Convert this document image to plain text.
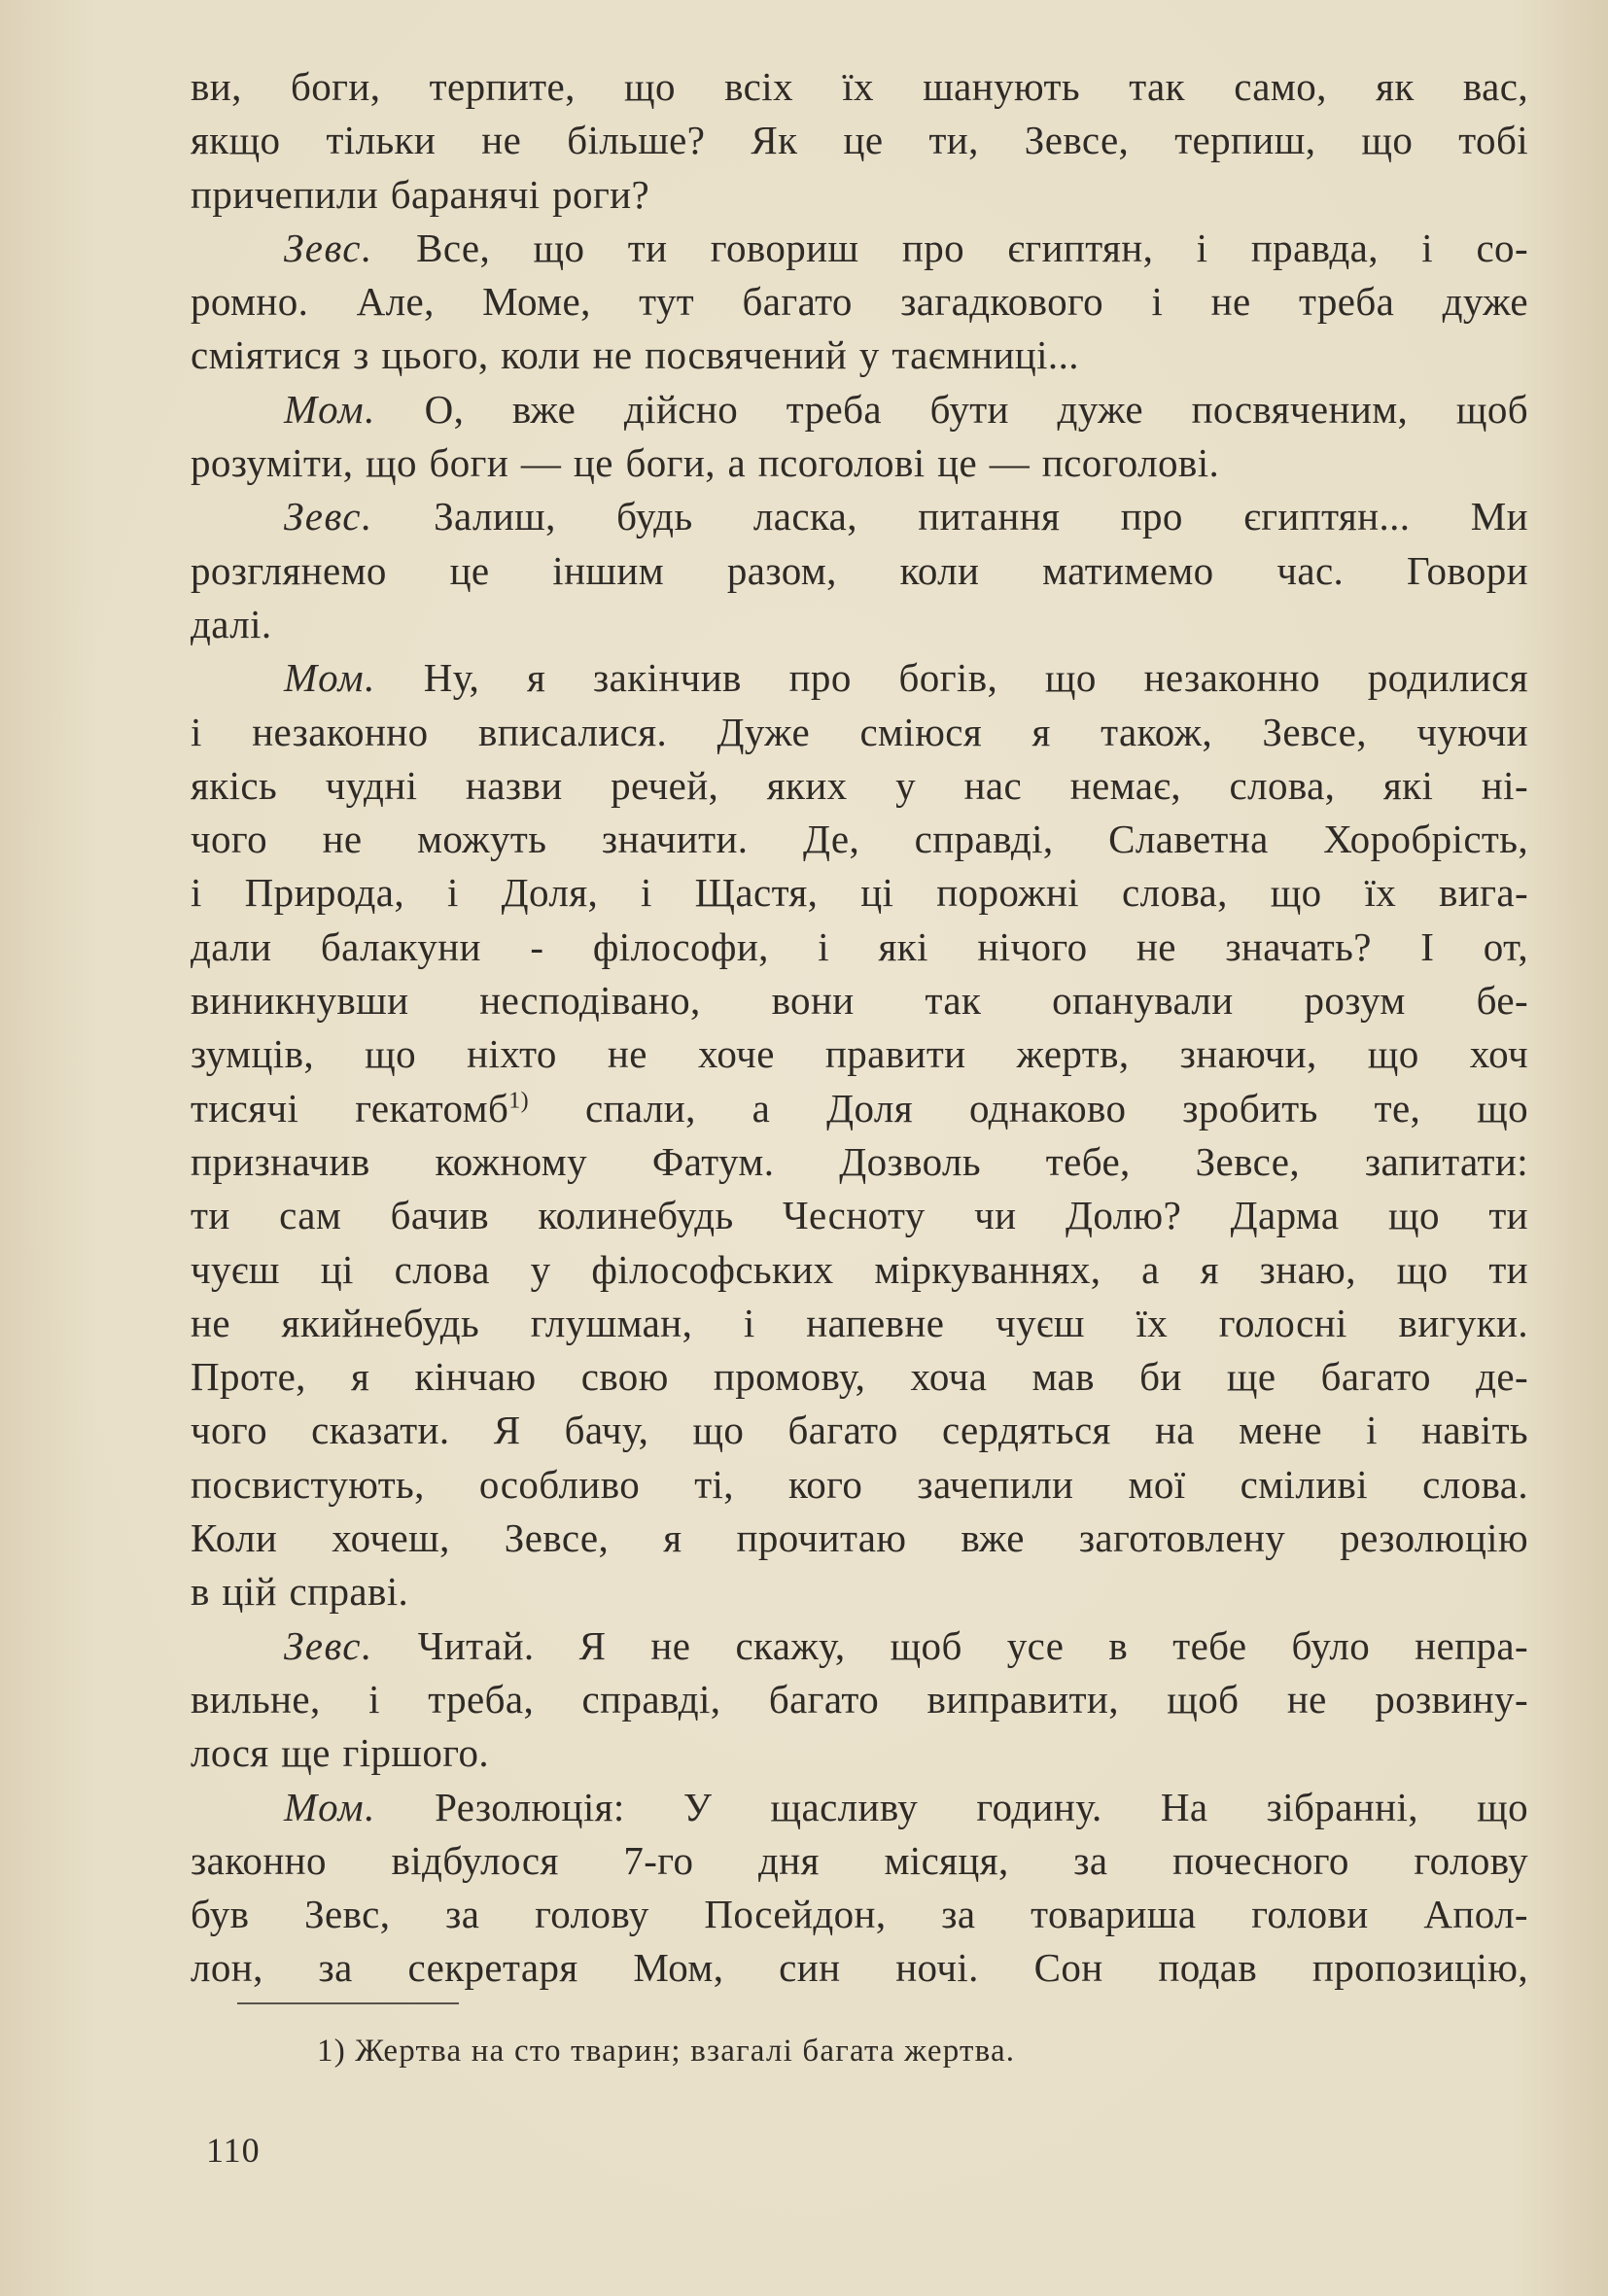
ви, боги, терпите, що всіх їх шанують так само, як вас,
якщо тільки не більше? Як це ти, Зевсе, терпиш, що тобі
причепили баранячі роги?
Зевс. Все, що ти говориш про єгиптян, і правда, і со-
ромно. Але, Моме, тут багато загадкового і не треба дуже
сміятися з цього, коли не посвячений у таємниці...
Мом. О, вже дійсно треба бути дуже посвяченим, щоб
розуміти, що боги — це боги, а псоголові це — псоголові.
Зевс. Залиш, будь ласка, питання про єгиптян... Ми
розглянемо це іншим разом, коли матимемо час. Говори
далі.
Мом. Ну, я закінчив про богів, що незаконно родилися
і незаконно вписалися. Дуже сміюся я також, Зевсе, чуючи
якісь чудні назви речей, яких у нас немає, слова, які ні-
чого не можуть значити. Де, справді, Славетна Хоробрість,
і Природа, і Доля, і Щастя, ці порожні слова, що їх вига-
дали балакуни - філософи, і які нічого не значать? І от,
виникнувши несподівано, вони так опанували розум бе-
зумців, що ніхто не хоче правити жертв, знаючи, що хоч
тисячі гекатомб$^{1)}$ спали, а Доля однаково зробить те, що
призначив кожному Фатум. Дозволь тебе, Зевсе, запитати:
ти сам бачив колинебудь Чесноту чи Долю? Дарма що ти
чуєш ці слова у філософських міркуваннях, а я знаю, що ти
не якийнебудь глушман, і напевне чуєш їх голосні вигуки.
Проте, я кінчаю свою промову, хоча мав би ще багато де-
чого сказати. Я бачу, що багато сердяться на мене і навіть
посвистують, особливо ті, кого зачепили мої сміливі слова.
Коли хочеш, Зевсе, я прочитаю вже заготовлену резолюцію
в цій справі.
Зевс. Читай. Я не скажу, щоб усе в тебе було непра-
вильне, і треба, справді, багато виправити, щоб не розвину-
лося ще гіршого.
Мом. Резолюція: У щасливу годину. На зібранні, що
законно відбулося 7-го дня місяця, за почесного голову
був Зевс, за голову Посейдон, за товариша голови Апол-
лон, за секретаря Мом, син ночі. Сон подав пропозицію,
1) Жертва на сто тварин; взагалі багата жертва.
110
